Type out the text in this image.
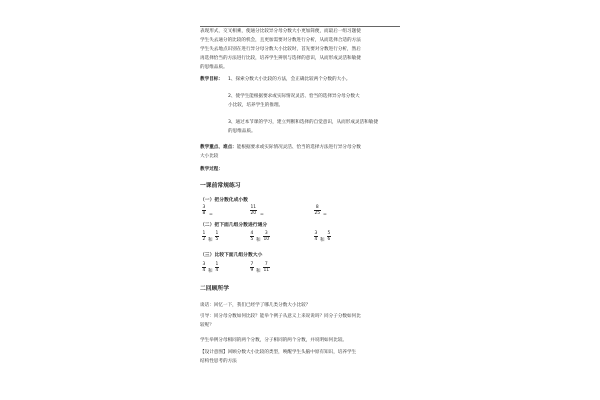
表现形式，交叉相乘，使通分比较异分母分数大小更加简便，而最后一组习题使

学生失去通分的比较的机会，且更加需要对分数进行分析，从而选择合适的方法

学生失去地点识别在进行异分母分数大小比较时，首先要对分数进行分析，然后

再选择恰当的方法进行比较，培养学生辨别与选择的意识，从而形成灵活和敏捷

的思维品质。

教学目标：	1、探索分数大小比较的方法，会正确比较两个分数的大小。

2、使学生能根据要求或实际情况灵活、恰当的选择异分母分数大

小比较，培养学生的推理。

3、通过本节课的学习，建立判断和选择的自觉意识，从而形成灵活和敏捷

的思维品质。

教学重点、难点：能根据要求或实际情况灵活、恰当的选择方法进行异分母分数

大小比较

教学过程：

一课前常规练习
（一）把分数化成小数
3
8 =
11
20 =
8
25 =
（二）把下面几组分数进行通分
1
2 和
1
5
4
5 和
3
10
3
4 和
5
6
（三）比较下面几组分数大小
3
4 和
1
4
7
9 和
7
11
二回顾所学

谈话：回忆一下，我们已经学了哪几类分数大小比较？

引导：同分母分数如何比较？能举个例子从意义上来说说吗？同分子分数如何比

较呢？

学生举例分母相同的两个分数，分子相同的两个分数，并说明如何比较。

【设计意图】回顾分数大小比较的类型，唤醒学生头脑中原有知识，培养学生

结构性思考的方法
